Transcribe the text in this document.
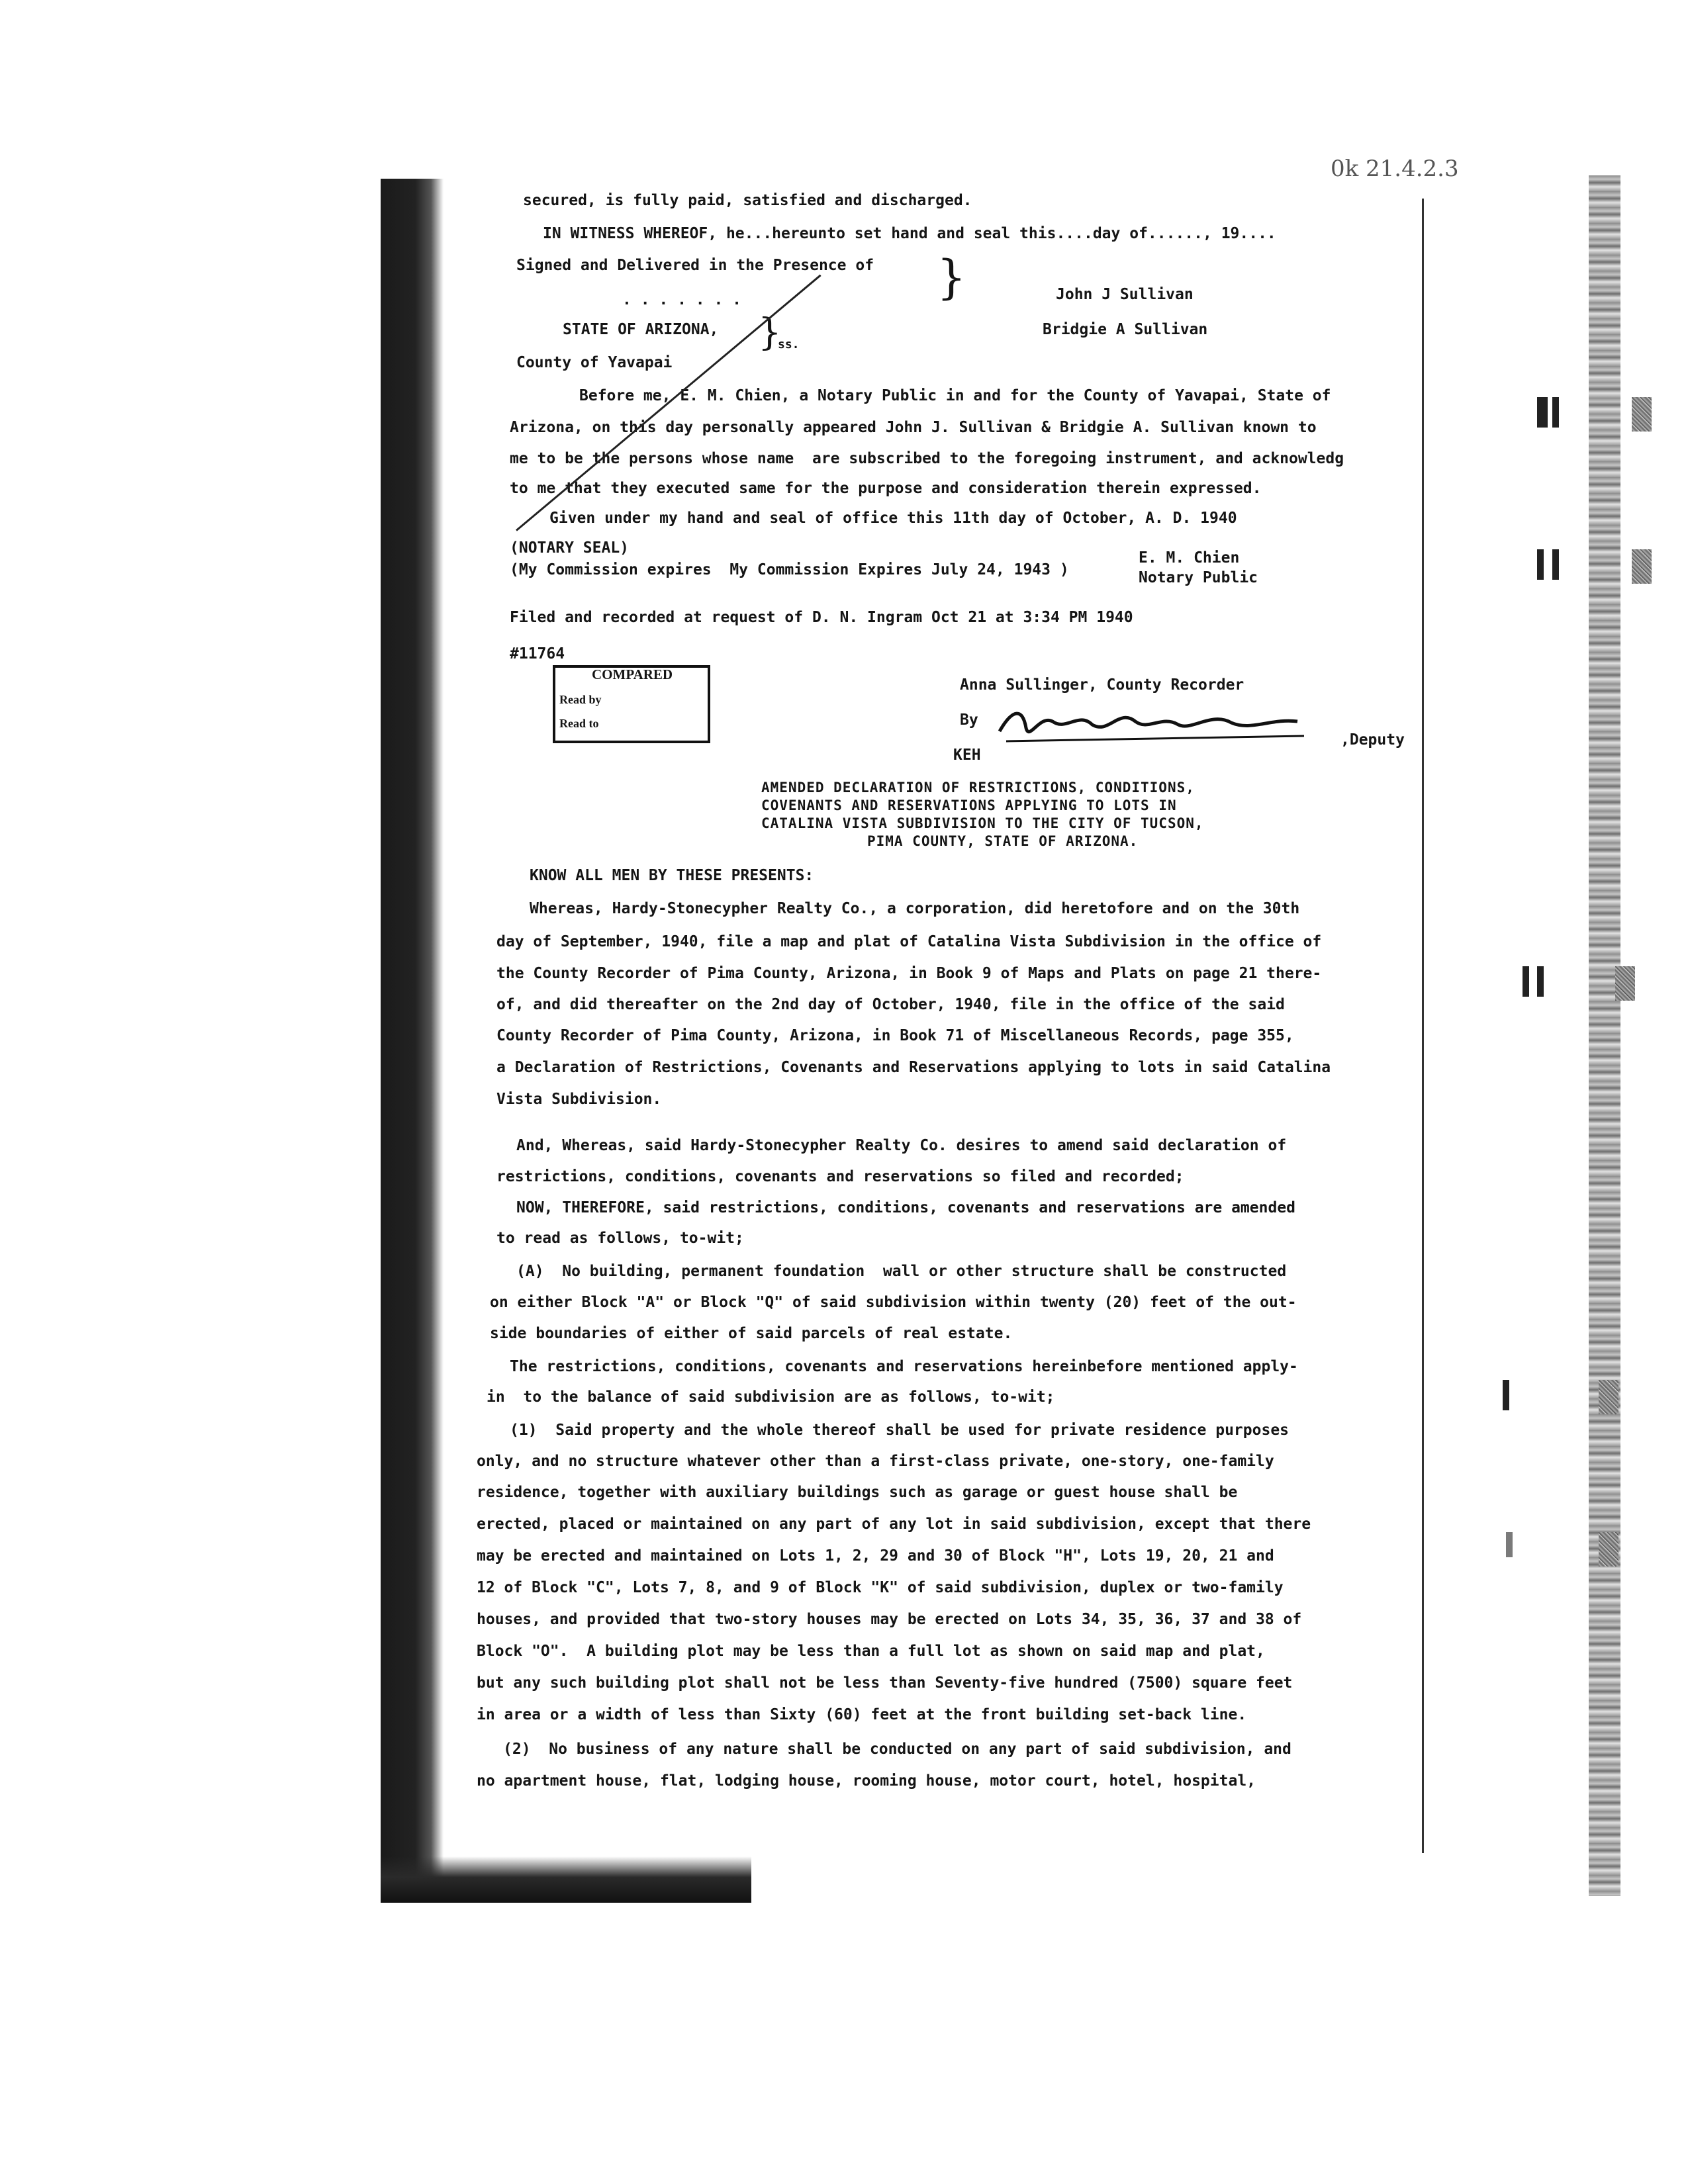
0k 21.4.2.3
secured, is fully paid, satisfied and discharged.
IN WITNESS WHEREOF, he...hereunto set hand and seal this....day of......, 19....
Signed and Delivered in the Presence of }	John J Sullivan
. . . . . . .
STATE OF ARIZONA,	Bridgie A Sullivan
}
ss.
County of Yavapai
Before me, E. M. Chien, a Notary Public in and for the County of Yavapai, State of
Arizona, on this day personally appeared John J. Sullivan & Bridgie A. Sullivan known to
me to be the persons whose name  are subscribed to the foregoing instrument, and acknowledg
to me that they executed same for the purpose and consideration therein expressed.
Given under my hand and seal of office this 11th day of October, A. D. 1940
(NOTARY SEAL)
(My Commission expires  My Commission Expires July 24, 1943 )
E. M. Chien
Notary Public
Filed and recorded at request of D. N. Ingram Oct 21 at 3:34 PM 1940
#11764
COMPARED
Read by
Read to
Anna Sullinger, County Recorder
By
,Deputy
KEH
AMENDED DECLARATION OF RESTRICTIONS, CONDITIONS,
COVENANTS AND RESERVATIONS APPLYING TO LOTS IN
CATALINA VISTA SUBDIVISION TO THE CITY OF TUCSON,
PIMA COUNTY, STATE OF ARIZONA.
KNOW ALL MEN BY THESE PRESENTS:
Whereas, Hardy-Stonecypher Realty Co., a corporation, did heretofore and on the 30th
day of September, 1940, file a map and plat of Catalina Vista Subdivision in the office of
the County Recorder of Pima County, Arizona, in Book 9 of Maps and Plats on page 21 there-
of, and did thereafter on the 2nd day of October, 1940, file in the office of the said
County Recorder of Pima County, Arizona, in Book 71 of Miscellaneous Records, page 355,
a Declaration of Restrictions, Covenants and Reservations applying to lots in said Catalina
Vista Subdivision.
And, Whereas, said Hardy-Stonecypher Realty Co. desires to amend said declaration of
restrictions, conditions, covenants and reservations so filed and recorded;
NOW, THEREFORE, said restrictions, conditions, covenants and reservations are amended
to read as follows, to-wit;
(A)  No building, permanent foundation  wall or other structure shall be constructed
on either Block "A" or Block "Q" of said subdivision within twenty (20) feet of the out-
side boundaries of either of said parcels of real estate.
The restrictions, conditions, covenants and reservations hereinbefore mentioned apply-
in  to the balance of said subdivision are as follows, to-wit;
(1)  Said property and the whole thereof shall be used for private residence purposes
only, and no structure whatever other than a first-class private, one-story, one-family
residence, together with auxiliary buildings such as garage or guest house shall be
erected, placed or maintained on any part of any lot in said subdivision, except that there
may be erected and maintained on Lots 1, 2, 29 and 30 of Block "H", Lots 19, 20, 21 and
12 of Block "C", Lots 7, 8, and 9 of Block "K" of said subdivision, duplex or two-family
houses, and provided that two-story houses may be erected on Lots 34, 35, 36, 37 and 38 of
Block "O".  A building plot may be less than a full lot as shown on said map and plat,
but any such building plot shall not be less than Seventy-five hundred (7500) square feet
in area or a width of less than Sixty (60) feet at the front building set-back line.
(2)  No business of any nature shall be conducted on any part of said subdivision, and
no apartment house, flat, lodging house, rooming house, motor court, hotel, hospital,
